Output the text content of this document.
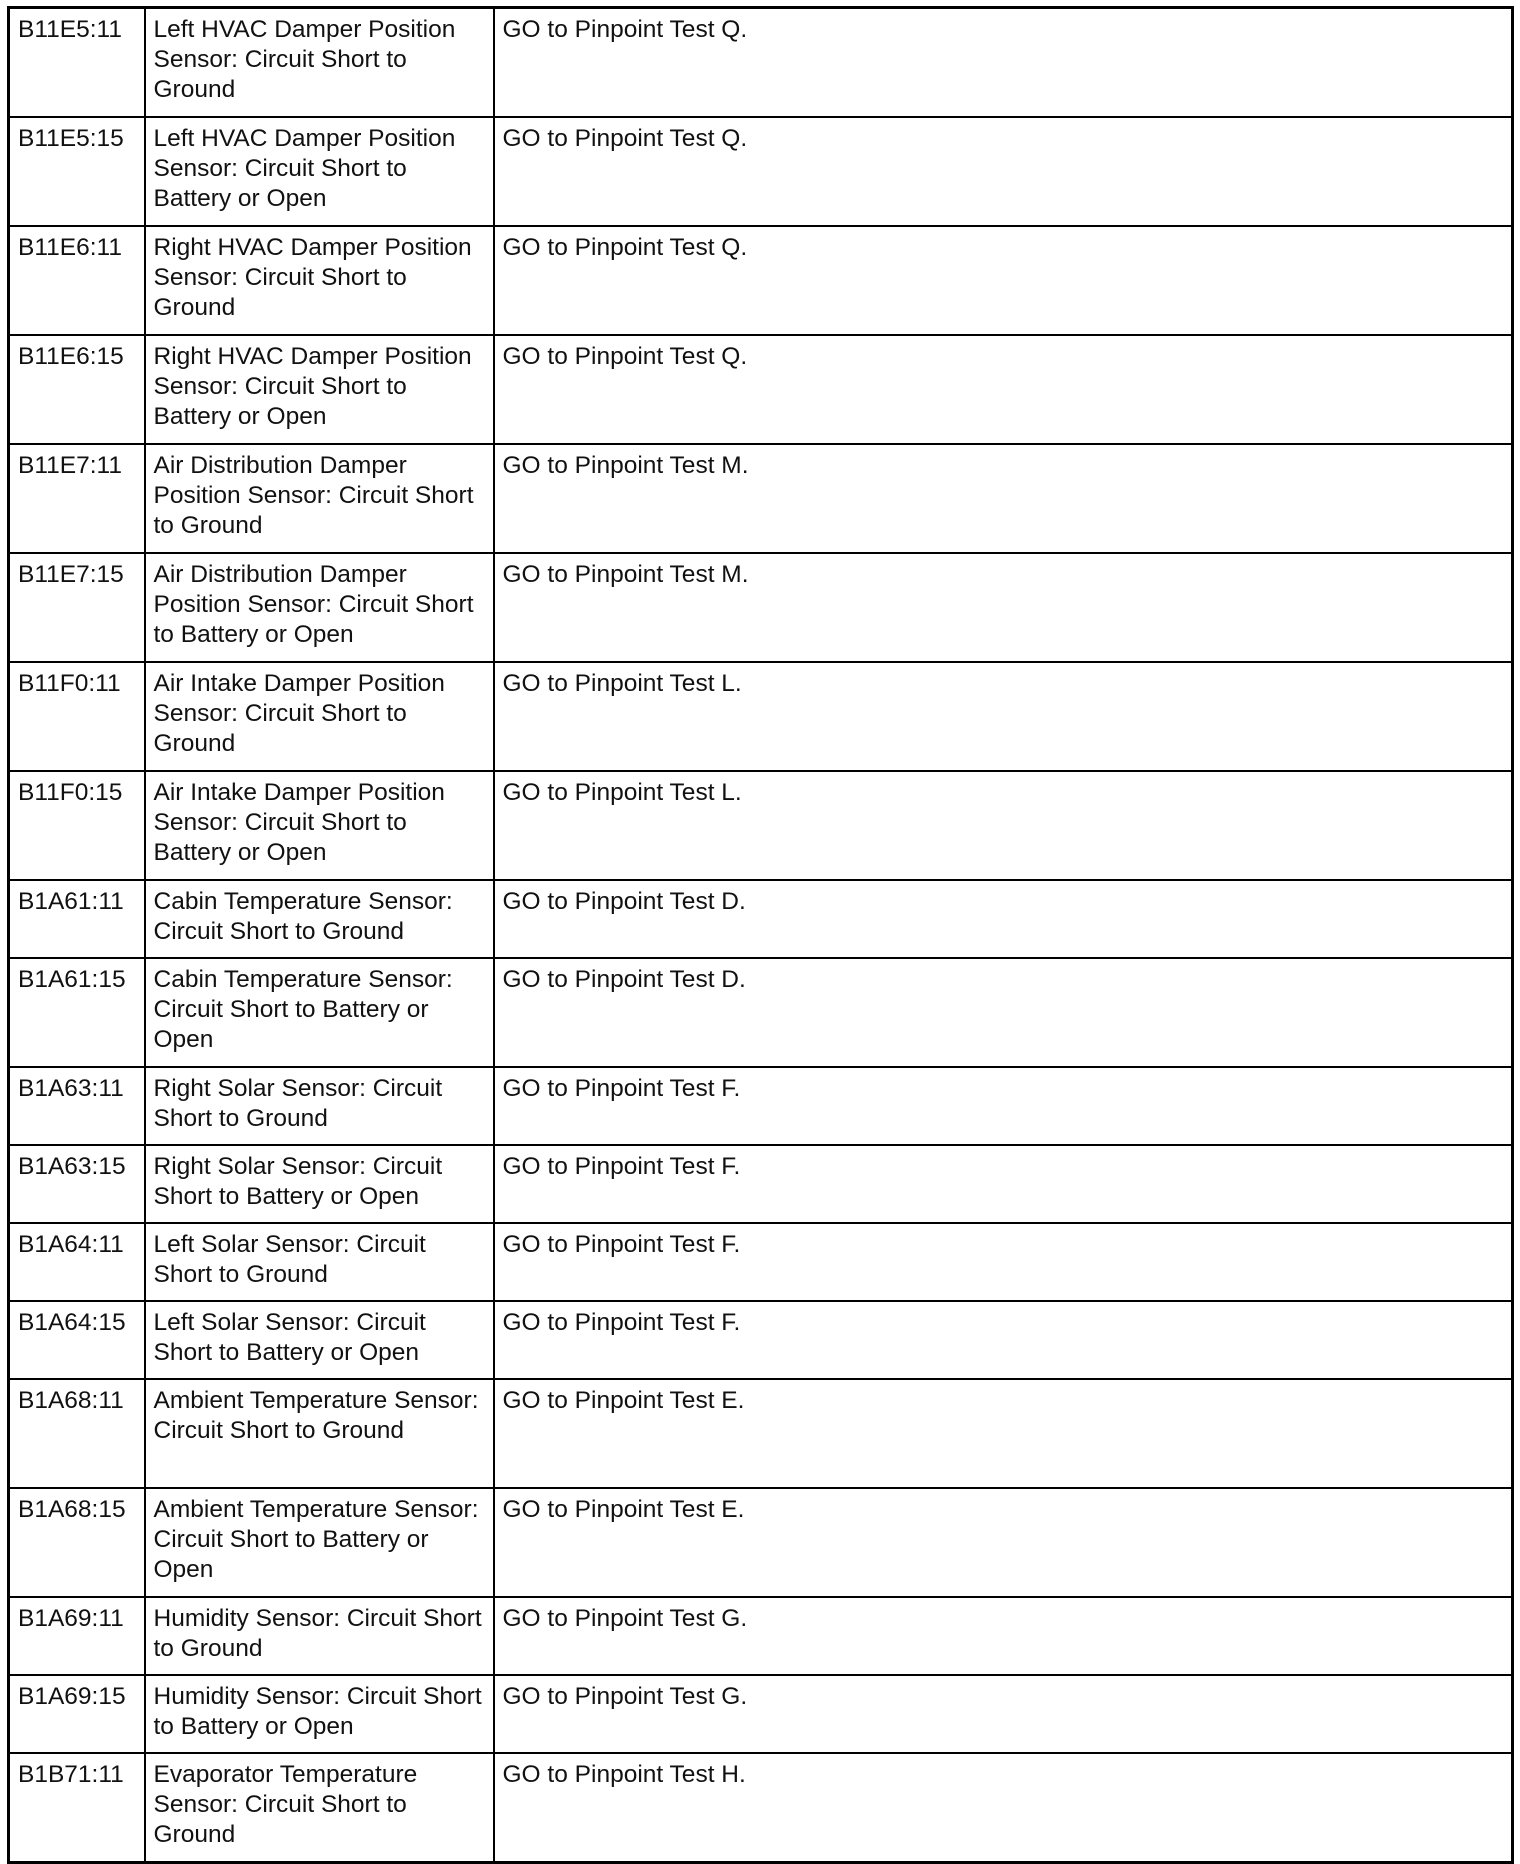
B11E5:11	Left HVAC Damper Position Sensor: Circuit Short to Ground	GO to Pinpoint Test Q.
B11E5:15	Left HVAC Damper Position Sensor: Circuit Short to Battery or Open	GO to Pinpoint Test Q.
B11E6:11	Right HVAC Damper Position Sensor: Circuit Short to Ground	GO to Pinpoint Test Q.
B11E6:15	Right HVAC Damper Position Sensor: Circuit Short to Battery or Open	GO to Pinpoint Test Q.
B11E7:11	Air Distribution Damper Position Sensor: Circuit Short to Ground	GO to Pinpoint Test M.
B11E7:15	Air Distribution Damper Position Sensor: Circuit Short to Battery or Open	GO to Pinpoint Test M.
B11F0:11	Air Intake Damper Position Sensor: Circuit Short to Ground	GO to Pinpoint Test L.
B11F0:15	Air Intake Damper Position Sensor: Circuit Short to Battery or Open	GO to Pinpoint Test L.
B1A61:11	Cabin Temperature Sensor: Circuit Short to Ground	GO to Pinpoint Test D.
B1A61:15	Cabin Temperature Sensor: Circuit Short to Battery or Open	GO to Pinpoint Test D.
B1A63:11	Right Solar Sensor: Circuit Short to Ground	GO to Pinpoint Test F.
B1A63:15	Right Solar Sensor: Circuit Short to Battery or Open	GO to Pinpoint Test F.
B1A64:11	Left Solar Sensor: Circuit Short to Ground	GO to Pinpoint Test F.
B1A64:15	Left Solar Sensor: Circuit Short to Battery or Open	GO to Pinpoint Test F.
B1A68:11	Ambient Temperature Sensor: Circuit Short to Ground	GO to Pinpoint Test E.
B1A68:15	Ambient Temperature Sensor: Circuit Short to Battery or Open	GO to Pinpoint Test E.
B1A69:11	Humidity Sensor: Circuit Short to Ground	GO to Pinpoint Test G.
B1A69:15	Humidity Sensor: Circuit Short to Battery or Open	GO to Pinpoint Test G.
B1B71:11	Evaporator Temperature Sensor: Circuit Short to Ground	GO to Pinpoint Test H.
